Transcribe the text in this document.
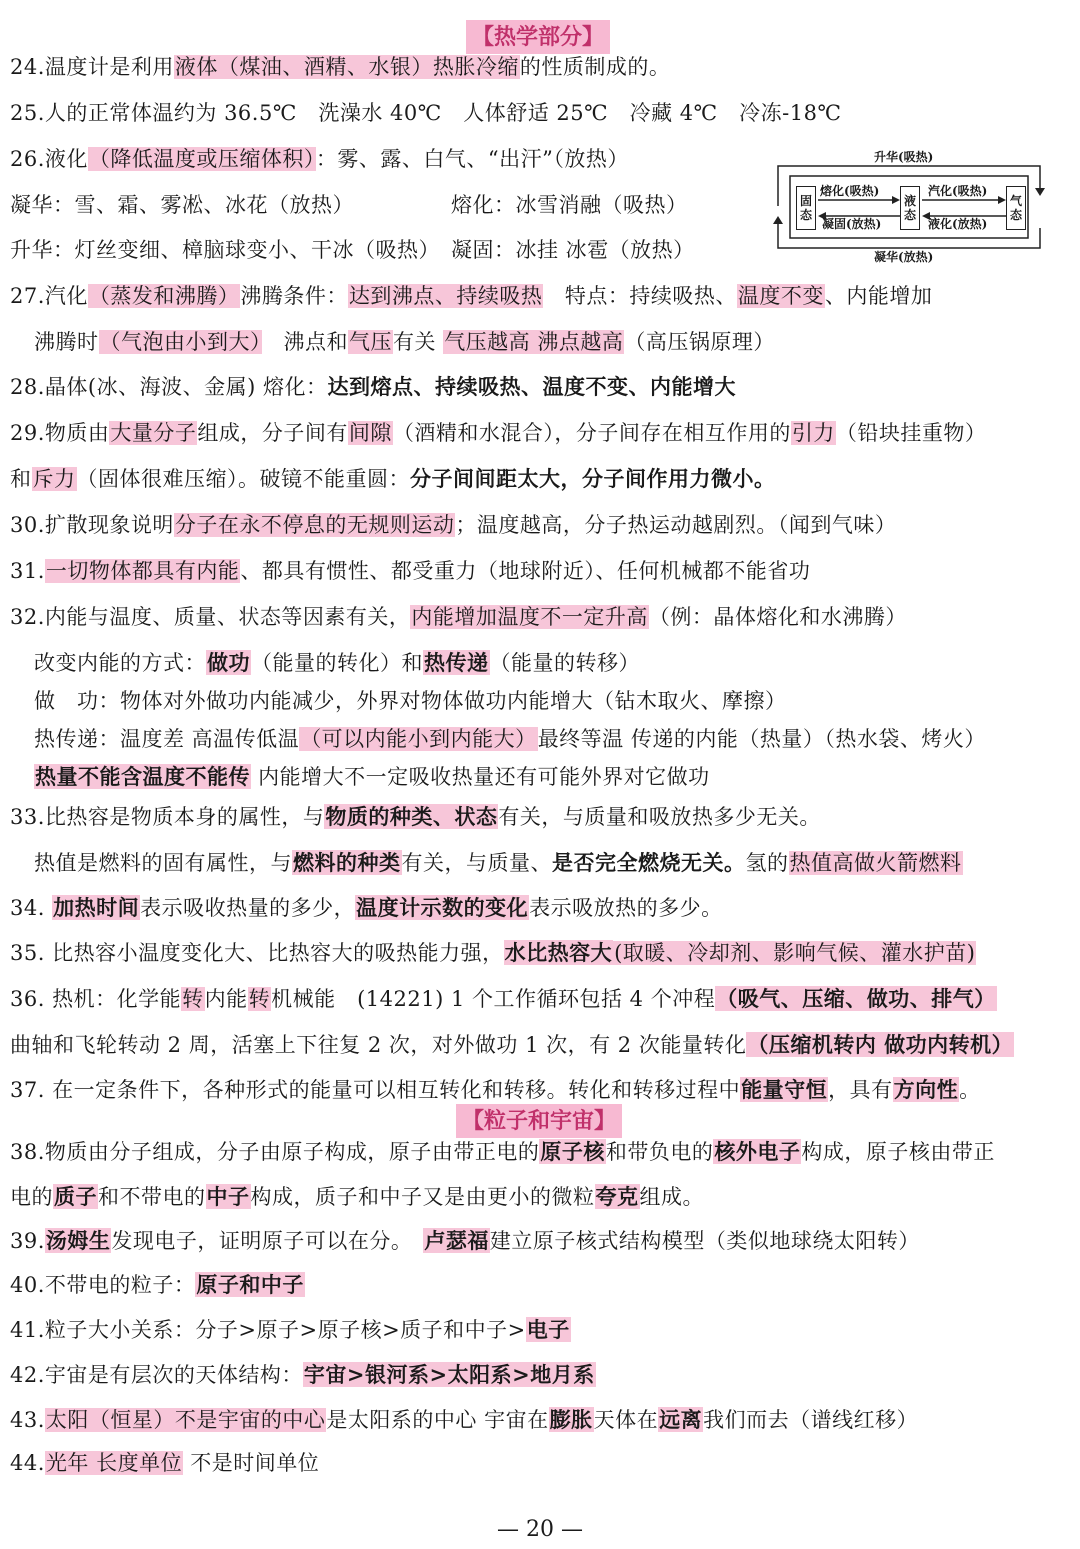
【热学部分】
24.温度计是利用液体（煤油、酒精、水银）热胀冷缩的性质制成的。
25.人的正常体温约为 36.5℃　洗澡水 40℃　人体舒适 25℃　冷藏 4℃　冷冻-18℃
26.液化（降低温度或压缩体积）：雾、露、白气、“出汗”（放热）
凝华：雪、霜、雾凇、冰花（放热）　　　　　熔化：冰雪消融（吸热）
升华：灯丝变细、樟脑球变小、干冰（吸热）　凝固：冰挂 冰雹（放热）
升华(吸热)
凝华(放热)
熔化(吸热)
凝固(放热)
汽化(吸热)
液化(放热)
固
态
液
态
气
态
27.汽化（蒸发和沸腾）沸腾条件：达到沸点、持续吸热　特点：持续吸热、温度不变、内能增加
沸腾时（气泡由小到大）　沸点和气压有关 气压越高 沸点越高（高压锅原理）
28.晶体(冰、海波、金属) 熔化：达到熔点、持续吸热、温度不变、内能增大
29.物质由大量分子组成，分子间有间隙（酒精和水混合），分子间存在相互作用的引力（铅块挂重物）
和斥力（固体很难压缩）。破镜不能重圆：分子间间距太大，分子间作用力微小。
30.扩散现象说明分子在永不停息的无规则运动；温度越高，分子热运动越剧烈。（闻到气味）
31.一切物体都具有内能、都具有惯性、都受重力（地球附近）、任何机械都不能省功
32.内能与温度、质量、状态等因素有关，内能增加温度不一定升高（例：晶体熔化和水沸腾）
改变内能的方式：做功（能量的转化）和热传递（能量的转移）
做　功：物体对外做功内能减少，外界对物体做功内能增大（钻木取火、摩擦）
热传递：温度差 高温传低温（可以内能小到内能大）最终等温 传递的内能（热量）（热水袋、烤火）
热量不能含温度不能传 内能增大不一定吸收热量还有可能外界对它做功
33.比热容是物质本身的属性，与物质的种类、状态有关，与质量和吸放热多少无关。
热值是燃料的固有属性，与燃料的种类有关，与质量、是否完全燃烧无关。氢的热值高做火箭燃料
34. 加热时间表示吸收热量的多少，温度计示数的变化表示吸放热的多少。
35. 比热容小温度变化大、比热容大的吸热能力强，水比热容大(取暖、冷却剂、影响气候、灌水护苗)
36. 热机：化学能转内能转机械能　(14221) 1 个工作循环包括 4 个冲程（吸气、压缩、做功、排气）
曲轴和飞轮转动 2 周，活塞上下往复 2 次，对外做功 1 次，有 2 次能量转化（压缩机转内 做功内转机）
37. 在一定条件下，各种形式的能量可以相互转化和转移。转化和转移过程中能量守恒，具有方向性。
【粒子和宇宙】
38.物质由分子组成，分子由原子构成，原子由带正电的原子核和带负电的核外电子构成，原子核由带正
电的质子和不带电的中子构成，质子和中子又是由更小的微粒夸克组成。
39.汤姆生发现电子，证明原子可以在分。　卢瑟福建立原子核式结构模型（类似地球绕太阳转）
40.不带电的粒子：原子和中子
41.粒子大小关系：分子>原子>原子核>质子和中子>电子
42.宇宙是有层次的天体结构：宇宙>银河系>太阳系>地月系
43.太阳（恒星）不是宇宙的中心是太阳系的中心 宇宙在膨胀天体在远离我们而去（谱线红移）
44.光年 长度单位 不是时间单位
— 20 —
